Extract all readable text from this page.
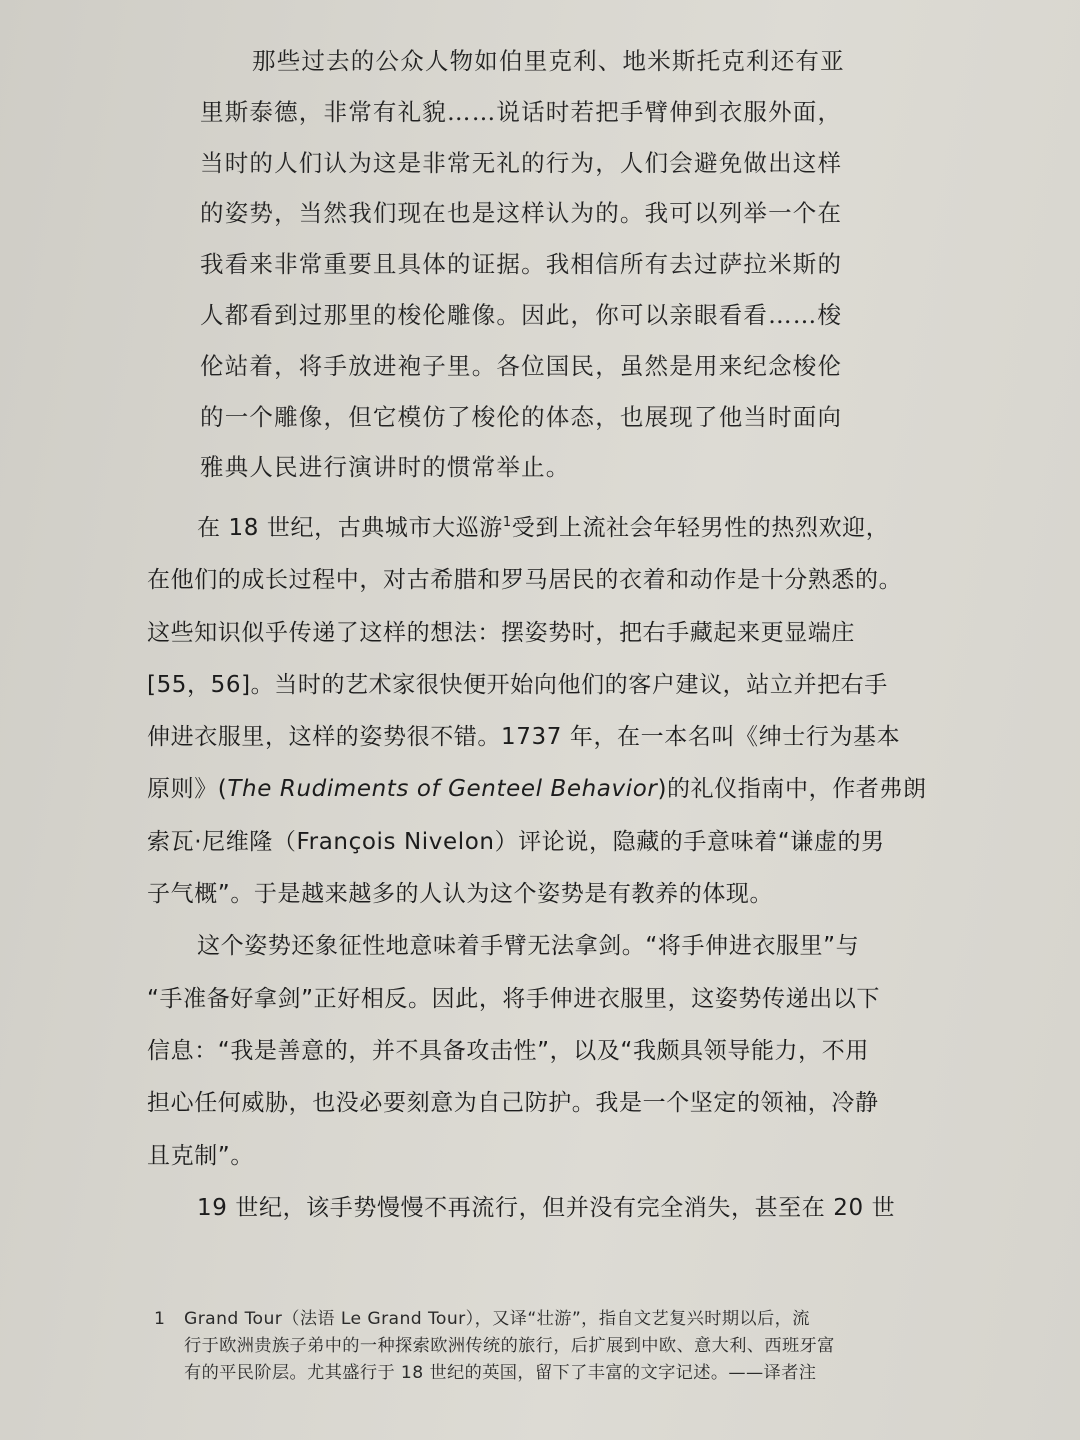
那些过去的公众人物如伯里克利、地米斯托克利还有亚
里斯泰德，非常有礼貌……说话时若把手臂伸到衣服外面，
当时的人们认为这是非常无礼的行为，人们会避免做出这样
的姿势，当然我们现在也是这样认为的。我可以列举一个在
我看来非常重要且具体的证据。我相信所有去过萨拉米斯的
人都看到过那里的梭伦雕像。因此，你可以亲眼看看……梭
伦站着，将手放进袍子里。各位国民，虽然是用来纪念梭伦
的一个雕像，但它模仿了梭伦的体态，也展现了他当时面向
雅典人民进行演讲时的惯常举止。
在 18 世纪，古典城市大巡游$^1$受到上流社会年轻男性的热烈欢迎，
在他们的成长过程中，对古希腊和罗马居民的衣着和动作是十分熟悉的。
这些知识似乎传递了这样的想法：摆姿势时，把右手藏起来更显端庄
[55，56]。当时的艺术家很快便开始向他们的客户建议，站立并把右手
伸进衣服里，这样的姿势很不错。1737 年，在一本名叫《绅士行为基本
原则》(The Rudiments of Genteel Behavior)的礼仪指南中，作者弗朗
索瓦·尼维隆（François Nivelon）评论说，隐藏的手意味着“谦虚的男
子气概”。于是越来越多的人认为这个姿势是有教养的体现。
这个姿势还象征性地意味着手臂无法拿剑。“将手伸进衣服里”与
“手准备好拿剑”正好相反。因此，将手伸进衣服里，这姿势传递出以下
信息：“我是善意的，并不具备攻击性”，以及“我颇具领导能力，不用
担心任何威胁，也没必要刻意为自己防护。我是一个坚定的领袖，冷静
且克制”。
19 世纪，该手势慢慢不再流行，但并没有完全消失，甚至在 20 世
1	Grand Tour（法语 Le Grand Tour），又译“壮游”，指自文艺复兴时期以后，流
行于欧洲贵族子弟中的一种探索欧洲传统的旅行，后扩展到中欧、意大利、西班牙富
有的平民阶层。尤其盛行于 18 世纪的英国，留下了丰富的文字记述。——译者注
